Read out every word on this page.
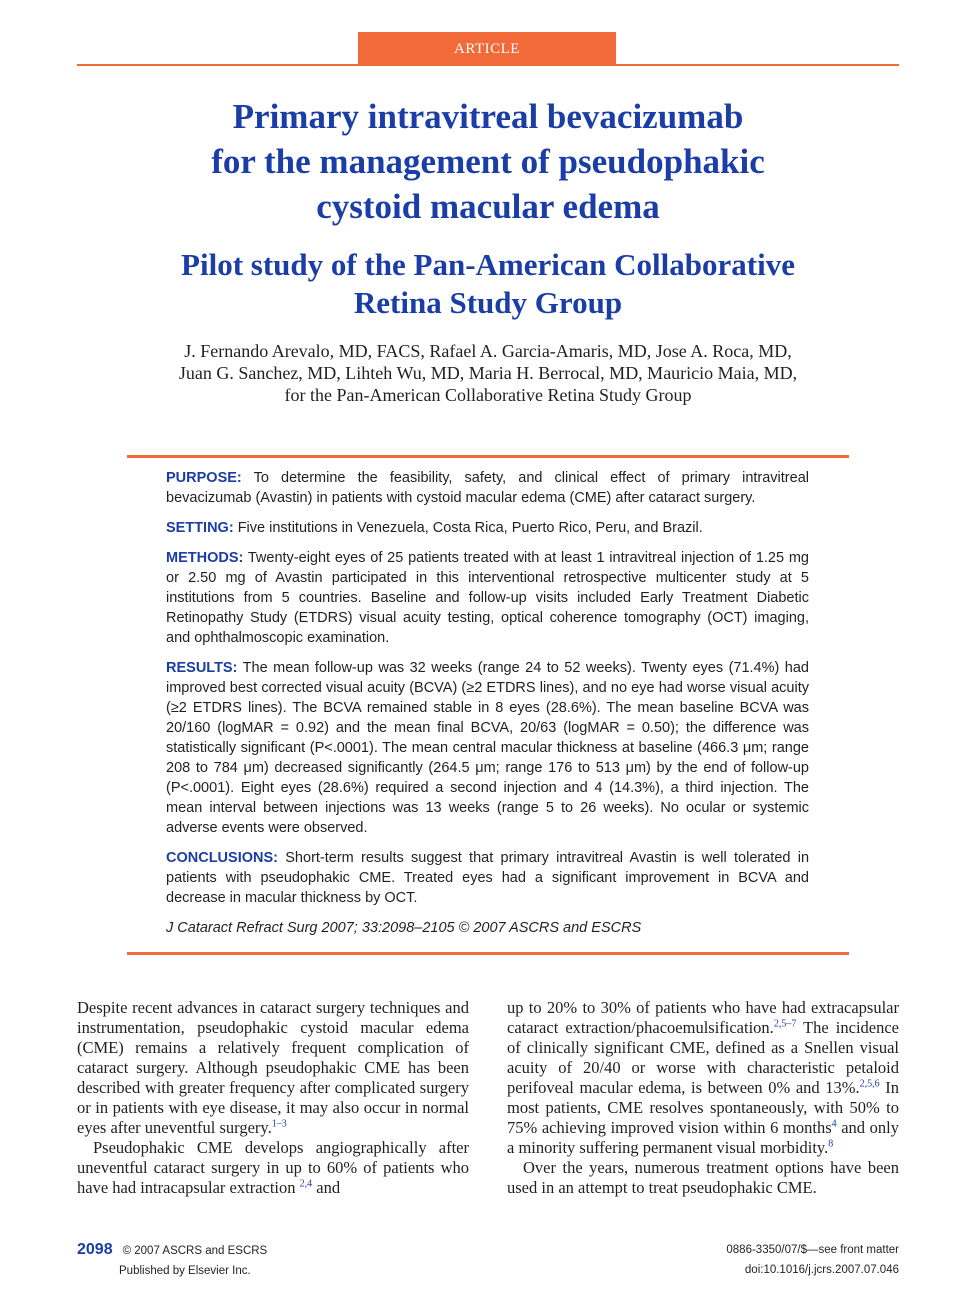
ARTICLE
Primary intravitreal bevacizumab
for the management of pseudophakic
cystoid macular edema
Pilot study of the Pan-American Collaborative
Retina Study Group

J. Fernando Arevalo, MD, FACS, Rafael A. Garcia-Amaris, MD, Jose A. Roca, MD,
Juan G. Sanchez, MD, Lihteh Wu, MD, Maria H. Berrocal, MD, Mauricio Maia, MD,
for the Pan-American Collaborative Retina Study Group

PURPOSE: To determine the feasibility, safety, and clinical effect of primary intravitreal bevacizumab (Avastin) in patients with cystoid macular edema (CME) after cataract surgery.

SETTING: Five institutions in Venezuela, Costa Rica, Puerto Rico, Peru, and Brazil.

METHODS: Twenty-eight eyes of 25 patients treated with at least 1 intravitreal injection of 1.25 mg or 2.50 mg of Avastin participated in this interventional retrospective multicenter study at 5 institutions from 5 countries. Baseline and follow-up visits included Early Treatment Diabetic Retinopathy Study (ETDRS) visual acuity testing, optical coherence tomography (OCT) imaging, and ophthalmoscopic examination.

RESULTS: The mean follow-up was 32 weeks (range 24 to 52 weeks). Twenty eyes (71.4%) had improved best corrected visual acuity (BCVA) (≥2 ETDRS lines), and no eye had worse visual acuity (≥2 ETDRS lines). The BCVA remained stable in 8 eyes (28.6%). The mean baseline BCVA was 20/160 (logMAR = 0.92) and the mean final BCVA, 20/63 (logMAR = 0.50); the difference was statistically significant (P<.0001). The mean central macular thickness at baseline (466.3 μm; range 208 to 784 μm) decreased significantly (264.5 μm; range 176 to 513 μm) by the end of follow-up (P<.0001). Eight eyes (28.6%) required a second injection and 4 (14.3%), a third injection. The mean interval between injections was 13 weeks (range 5 to 26 weeks). No ocular or systemic adverse events were observed.

CONCLUSIONS: Short-term results suggest that primary intravitreal Avastin is well tolerated in patients with pseudophakic CME. Treated eyes had a significant improvement in BCVA and decrease in macular thickness by OCT.

J Cataract Refract Surg 2007; 33:2098–2105 © 2007 ASCRS and ESCRS

Despite recent advances in cataract surgery techniques and instrumentation, pseudophakic cystoid macular edema (CME) remains a relatively frequent complication of cataract surgery. Although pseudophakic CME has been described with greater frequency after complicated surgery or in patients with eye disease, it may also occur in normal eyes after uneventful surgery.$^{1-3}$

Pseudophakic CME develops angiographically after uneventful cataract surgery in up to 60% of patients who have had intracapsular extraction $^{2,4}$ and

up to 20% to 30% of patients who have had extracapsular cataract extraction/phacoemulsification.$^{2,5-7}$ The incidence of clinically significant CME, defined as a Snellen visual acuity of 20/40 or worse with characteristic petaloid perifoveal macular edema, is between 0% and 13%.$^{2,5,6}$ In most patients, CME resolves spontaneously, with 50% to 75% achieving improved vision within 6 months$^4$ and only a minority suffering permanent visual morbidity.$^8$

Over the years, numerous treatment options have been used in an attempt to treat pseudophakic CME.

2098 © 2007 ASCRS and ESCRS
Published by Elsevier Inc.
0886-3350/07/$—see front matter
doi:10.1016/j.jcrs.2007.07.046
